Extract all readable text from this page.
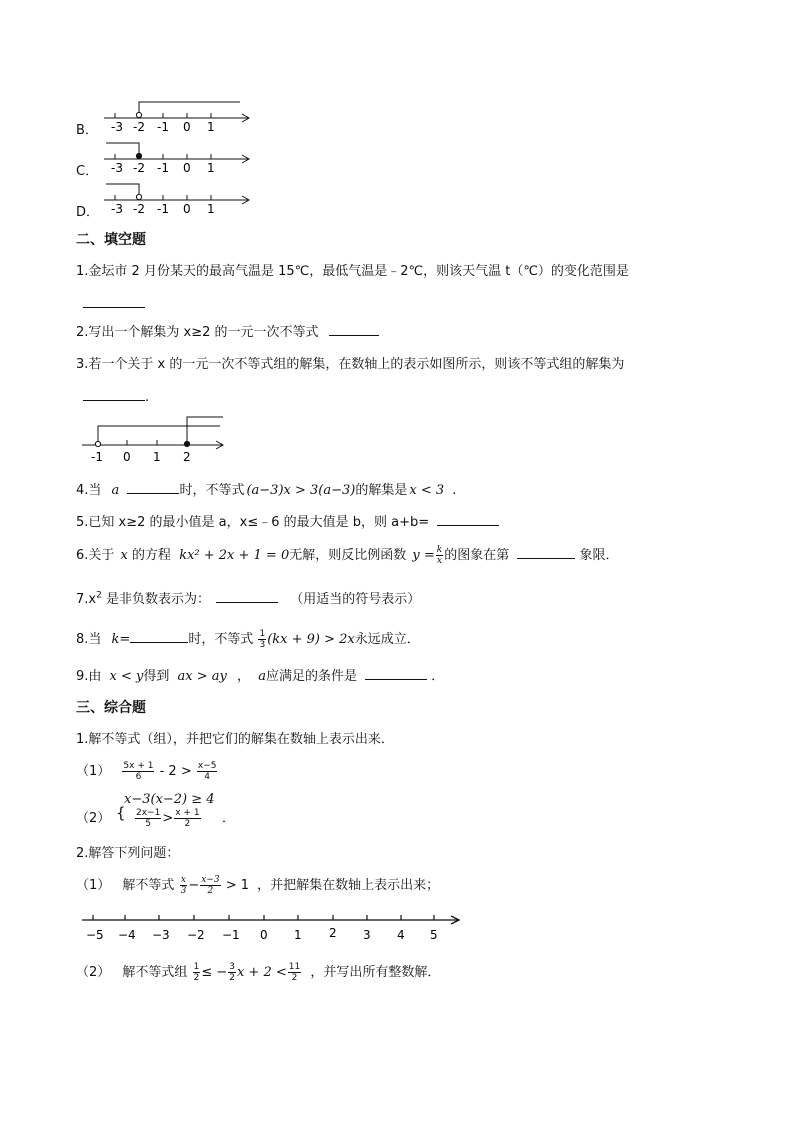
B． -3 -2 -1 0 1
C． -3 -2 -1 0 1
D． -3 -2 -1 0 1
二、填空题
1.金坛市 2 月份某天的最高气温是 15℃，最低气温是﹣2℃，则该天气温 t（℃）的变化范围是
2.写出一个解集为 x≥2 的一元一次不等式
3.若一个关于 x 的一元一次不等式组的解集，在数轴上的表示如图所示，则该不等式组的解集为
.
-1 0 1 2
4.当 a	时，不等式 (a−3)x > 3(a−3)的解集是 x < 3 .
5.已知 x≥2 的最小值是 a，x≤﹣6 的最大值是 b，则 a+b=
6.关于 x 的方程 kx² + 2x + 1 = 0无解，则反比例函数 $y = \frac{k}{x}$ 的图象在第	象限．
$7.x^2$ 是非负数表示为：	（用适当的符号表示）
8.当 k=	时，不等式 $\frac{1}{3} (kx + 9) > 2x$永远成立．
9.由 x < y得到 ax > ay ， a应满足的条件是	．
三、综合题
1.解不等式（组），并把它们的解集在数轴上表示出来．
$(1) \frac{5x + 1}{6} - 2 > \frac{x-5}{4}$
（2） {
x−3(x−2) ≥ 4
$\frac{2x-1}{5} > \frac{x + 1}{2}$ ．
2.解答下列问题：
（1） 解不等式 $\frac{x}{3} - \frac{x-3}{2} > 1$ ，并把解集在数轴上表示出来；
−5 −4 −3 −2 −1 0 1 2 3 4 5
（2） 解不等式组 $\frac{1}{2}$ ≤ − $\frac{3}{2}$ $x + 2 < \frac{11}{2}$ ，并写出所有整数解．
